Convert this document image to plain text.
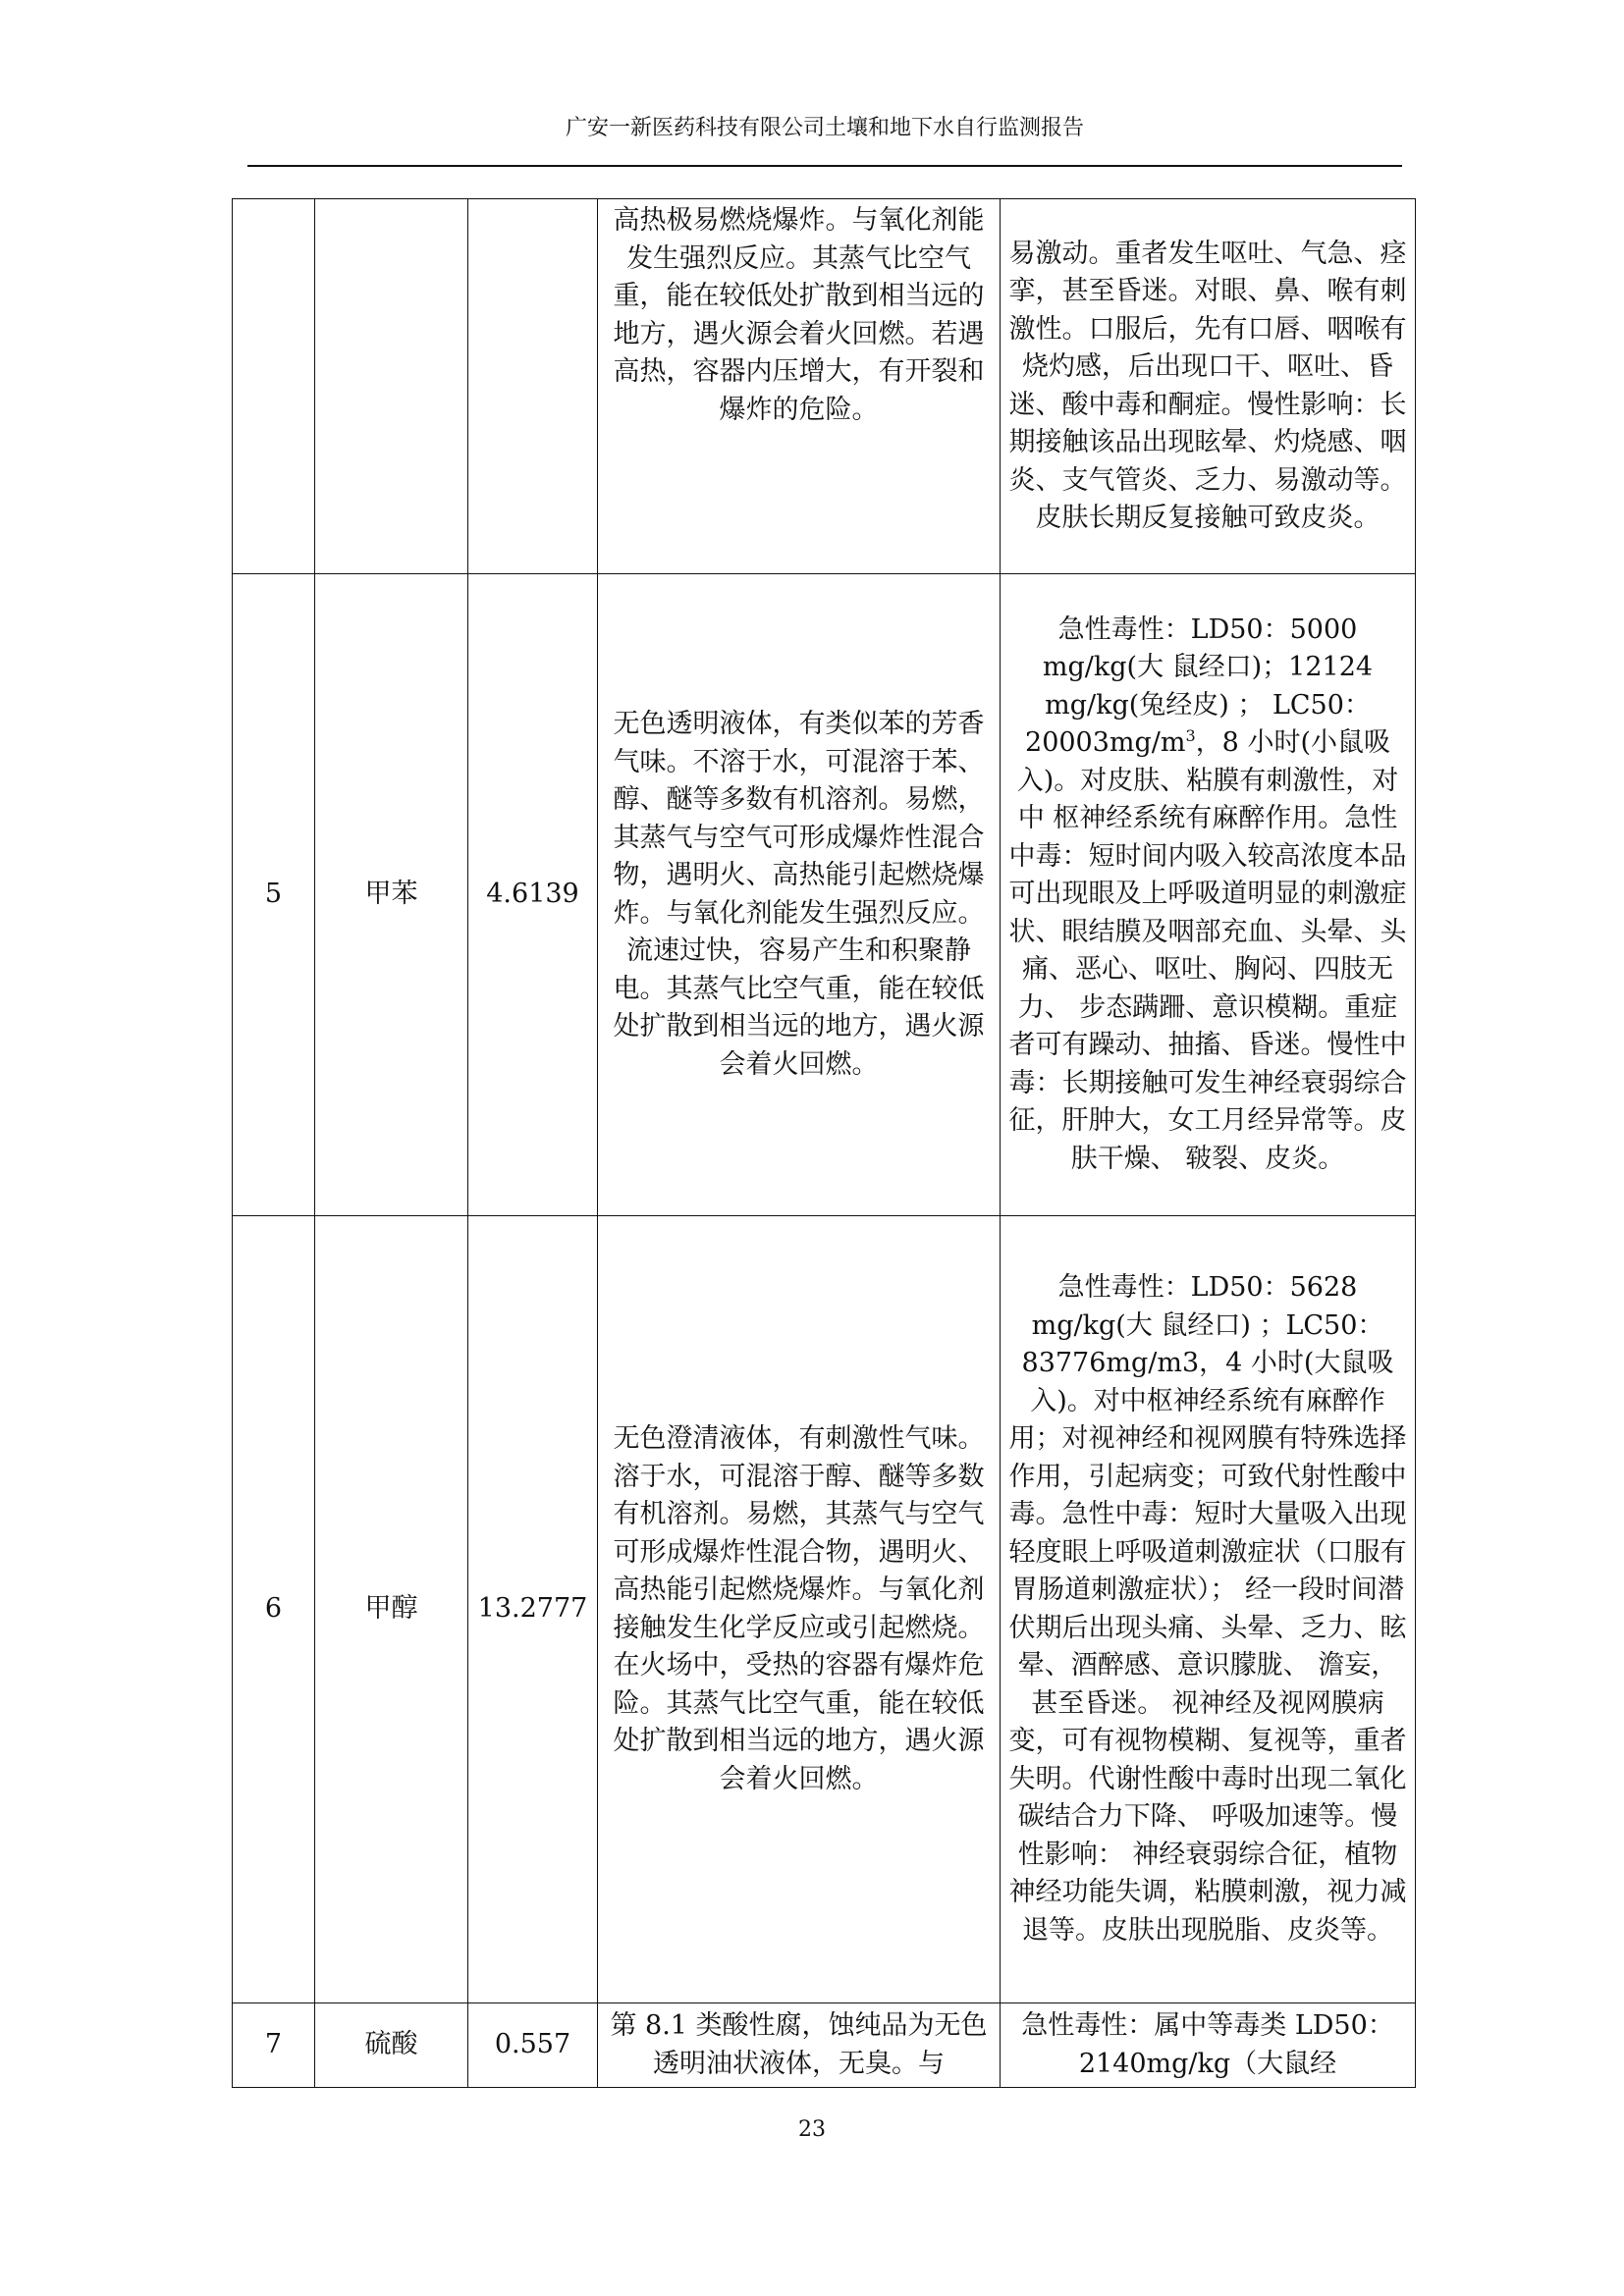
广安一新医药科技有限公司土壤和地下水自行监测报告
			高热极易燃烧爆炸。与氧化剂能发生强烈反应。其蒸气比空气重，能在较低处扩散到相当远的地方，遇火源会着火回燃。若遇高热，容器内压增大，有开裂和爆炸的危险。	易激动。重者发生呕吐、气急、痉挛，甚至昏迷。对眼、鼻、喉有刺激性。口服后，先有口唇、咽喉有烧灼感，后出现口干、呕吐、昏迷、酸中毒和酮症。慢性影响：长期接触该品出现眩晕、灼烧感、咽炎、支气管炎、乏力、易激动等。皮肤长期反复接触可致皮炎。
5	甲苯	4.6139	无色透明液体，有类似苯的芳香气味。不溶于水，可混溶于苯、醇、醚等多数有机溶剂。易燃，其蒸气与空气可形成爆炸性混合物，遇明火、高热能引起燃烧爆炸。与氧化剂能发生强烈反应。流速过快，容易产生和积聚静电。其蒸气比空气重，能在较低处扩散到相当远的地方，遇火源会着火回燃。	急性毒性：LD50：5000 mg/kg(大 鼠经口)；12124 mg/kg(兔经皮) ； LC50：$20003mg/m^3$，8 小时(小鼠吸入)。对皮肤、粘膜有刺激性，对中 枢神经系统有麻醉作用。急性中毒：短时间内吸入较高浓度本品可出现眼及上呼吸道明显的刺激症 状、眼结膜及咽部充血、头晕、头痛、恶心、呕吐、胸闷、四肢无力、 步态蹒跚、意识模糊。重症者可有躁动、抽搐、昏迷。慢性中毒：长期接触可发生神经衰弱综合征，肝肿大，女工月经异常等。皮肤干燥、 皲裂、皮炎。
6	甲醇	13.2777	无色澄清液体，有刺激性气味。溶于水，可混溶于醇、醚等多数有机溶剂。易燃，其蒸气与空气可形成爆炸性混合物，遇明火、高热能引起燃烧爆炸。与氧化剂接触发生化学反应或引起燃烧。在火场中，受热的容器有爆炸危险。其蒸气比空气重，能在较低处扩散到相当远的地方，遇火源会着火回燃。	急性毒性：LD50：5628 mg/kg(大 鼠经口) ；LC50：83776mg/m3，4 小时(大鼠吸入)。对中枢神经系统有麻醉作用；对视神经和视网膜有特殊选择作用，引起病变；可致代射性酸中毒。急性中毒：短时大量吸入出现轻度眼上呼吸道刺激症状（口服有胃肠道刺激症状）； 经一段时间潜伏期后出现头痛、头晕、乏力、眩晕、酒醉感、意识朦胧、 澹妄，甚至昏迷。 视神经及视网膜病变，可有视物模糊、复视等，重者失明。代谢性酸中毒时出现二氧化碳结合力下降、 呼吸加速等。慢性影响： 神经衰弱综合征，植物神经功能失调，粘膜刺激，视力减退等。皮肤出现脱脂、皮炎等。
7	硫酸	0.557	第 8.1 类酸性腐，蚀纯品为无色透明油状液体，无臭。与	急性毒性：属中等毒类 LD50： 2140mg/kg（大鼠经
23
